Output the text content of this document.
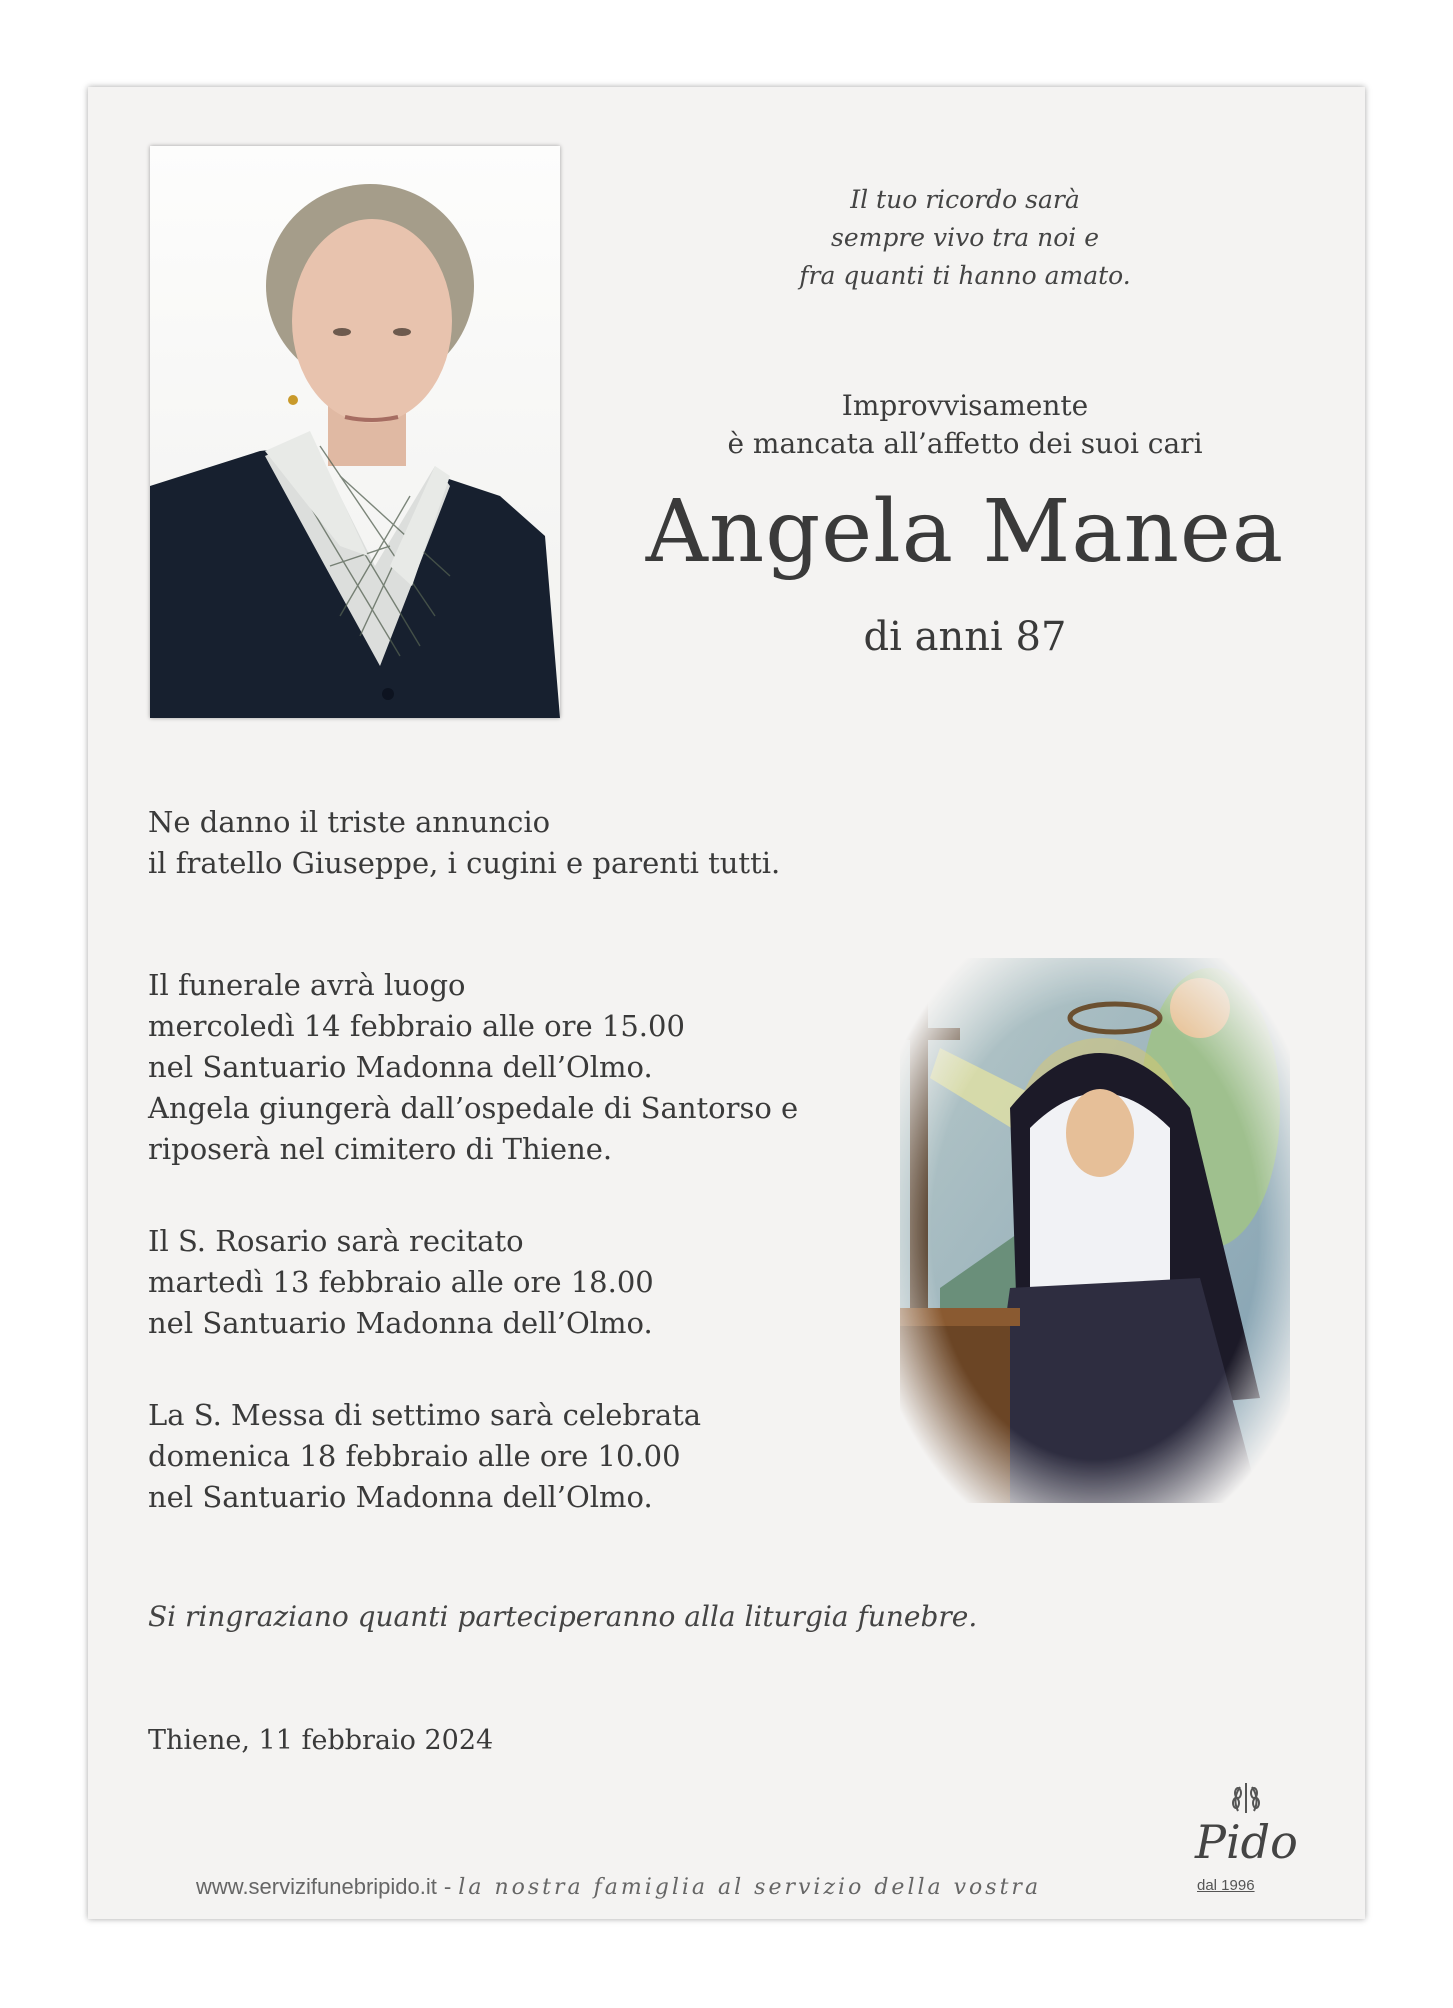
Il tuo ricordo sarà
sempre vivo tra noi e
fra quanti ti hanno amato.
Improvvisamente
è mancata all’affetto dei suoi cari
Angela Manea
di anni 87
Ne danno il triste annuncio
il fratello Giuseppe, i cugini e parenti tutti.
Il funerale avrà luogo
mercoledì 14 febbraio alle ore 15.00
nel Santuario Madonna dell’Olmo.
Angela giungerà dall’ospedale di Santorso e
riposerà nel cimitero di Thiene.
Il S. Rosario sarà recitato
martedì 13 febbraio alle ore 18.00
nel Santuario Madonna dell’Olmo.
La S. Messa di settimo sarà celebrata
domenica 18 febbraio alle ore 10.00
nel Santuario Madonna dell’Olmo.
Si ringraziano quanti parteciperanno alla liturgia funebre.
Thiene, 11 febbraio 2024
www.servizifunebripido.it - la nostra famiglia al servizio della vostra
Pido
dal 1996
